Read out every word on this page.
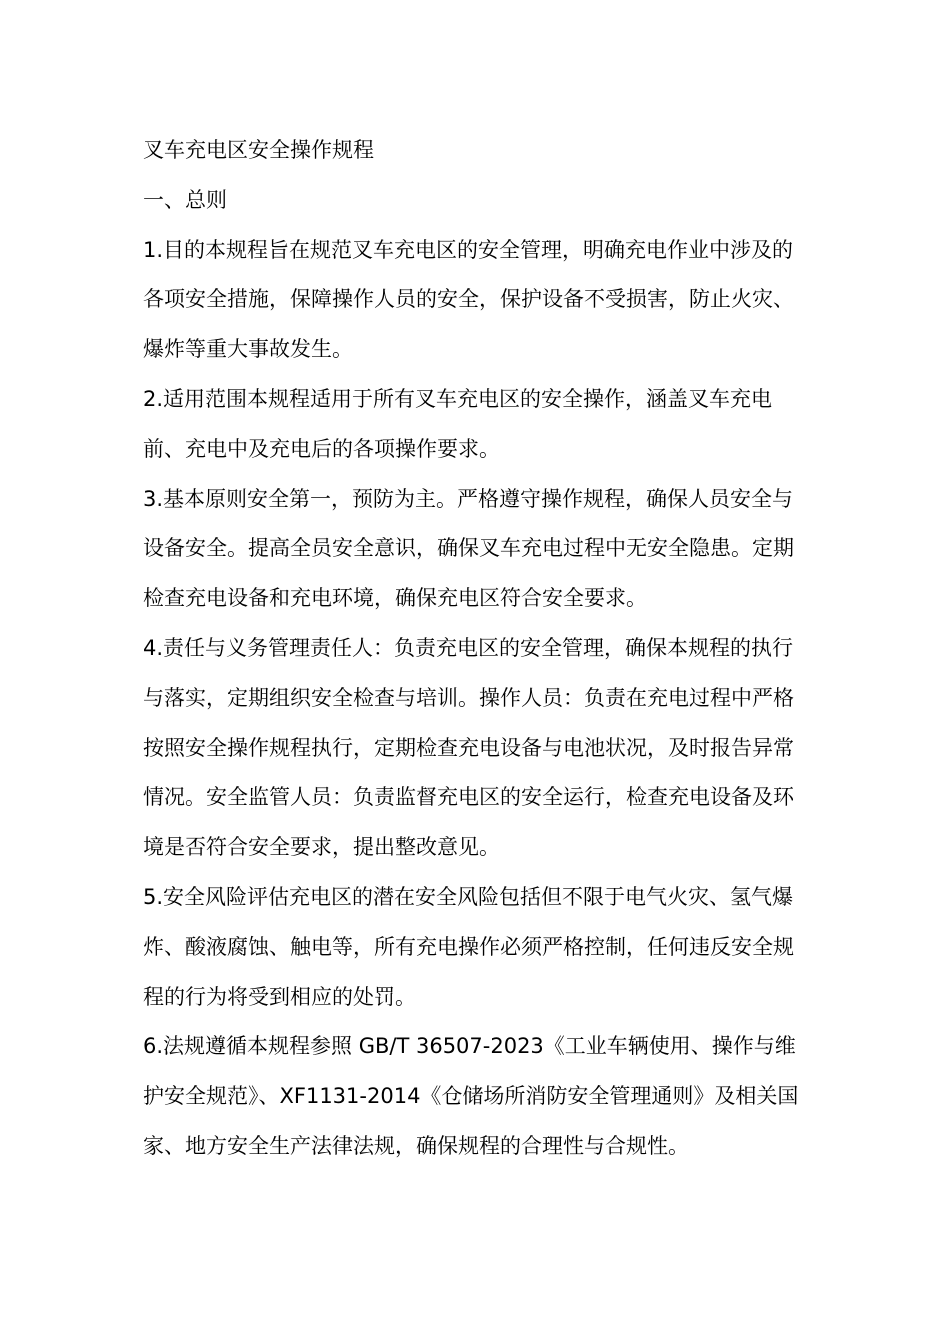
叉车充电区安全操作规程

一、总则

1.目的本规程旨在规范叉车充电区的安全管理，明确充电作业中涉及的各项安全措施，保障操作人员的安全，保护设备不受损害，防止火灾、爆炸等重大事故发生。

2.适用范围本规程适用于所有叉车充电区的安全操作，涵盖叉车充电前、充电中及充电后的各项操作要求。

3.基本原则安全第一，预防为主。严格遵守操作规程，确保人员安全与设备安全。提高全员安全意识，确保叉车充电过程中无安全隐患。定期检查充电设备和充电环境，确保充电区符合安全要求。

4.责任与义务管理责任人：负责充电区的安全管理，确保本规程的执行与落实，定期组织安全检查与培训。操作人员：负责在充电过程中严格按照安全操作规程执行，定期检查充电设备与电池状况，及时报告异常情况。安全监管人员：负责监督充电区的安全运行，检查充电设备及环境是否符合安全要求，提出整改意见。

5.安全风险评估充电区的潜在安全风险包括但不限于电气火灾、氢气爆炸、酸液腐蚀、触电等，所有充电操作必须严格控制，任何违反安全规程的行为将受到相应的处罚。

6.法规遵循本规程参照 GB/T 36507-2023《工业车辆使用、操作与维护安全规范》、XF1131-2014《仓储场所消防安全管理通则》及相关国家、地方安全生产法律法规，确保规程的合理性与合规性。
